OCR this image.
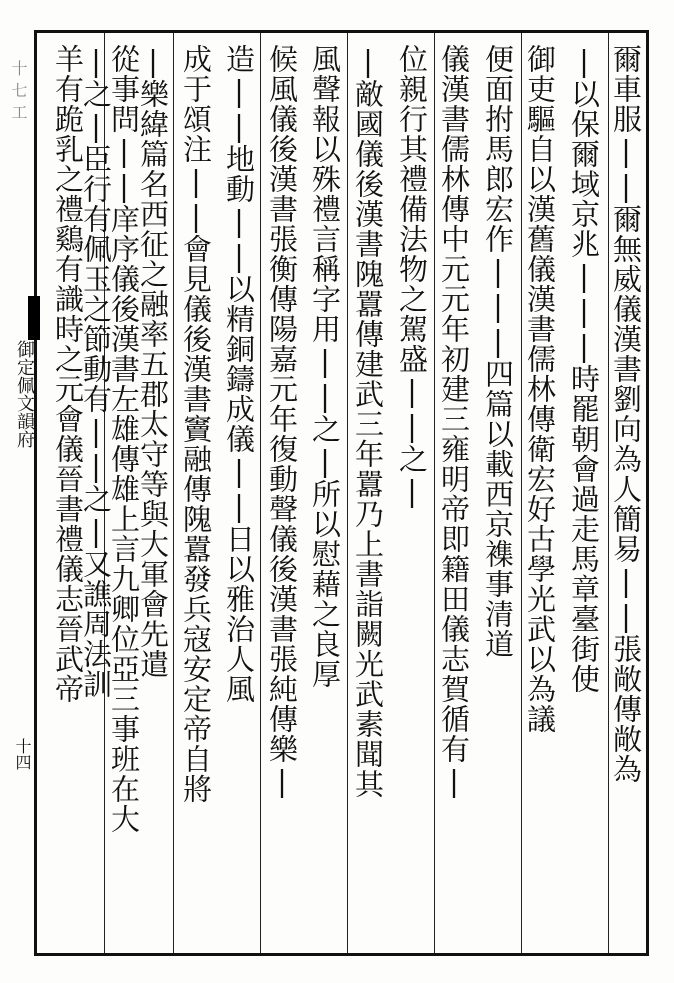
爾車服||爾無威儀漢書劉向為人簡易||張敞傳敞為
|以保爾域京兆|||時罷朝會過走馬章臺街使
御吏驅自以漢舊儀漢書儒林傳衛宏好古學光武以為議
便面拊馬郎宏作|||四篇以載西京襍事清道
儀漢書儒林傳中元元年初建三雍明帝即籍田儀志賀循有|
位親行其禮備法物之駕盛||之|
|敵國儀後漢書隗囂傳建武三年囂乃上書詣闕光武素聞其
風聲報以殊禮言稱字用||之|所以慰藉之良厚
候風儀後漢書張衡傳陽嘉元年復動聲儀後漢書張純傳樂|
造||地動||以精銅鑄成儀||日以雅治人風
成于頌注||會見儀後漢書竇融傳隗囂發兵寇安定帝自將
|樂緯篇名西征之融率五郡太守等與大軍會先遣
從事問||庠序儀後漢書左雄傳雄上言九卿位亞三事班在大
|之|臣行有佩玉之節動有||之|又譙周法訓
羊有跪乳之禮鷄有識時之元會儀晉書禮儀志晉武帝
十七工
御定佩文韻府
十四
